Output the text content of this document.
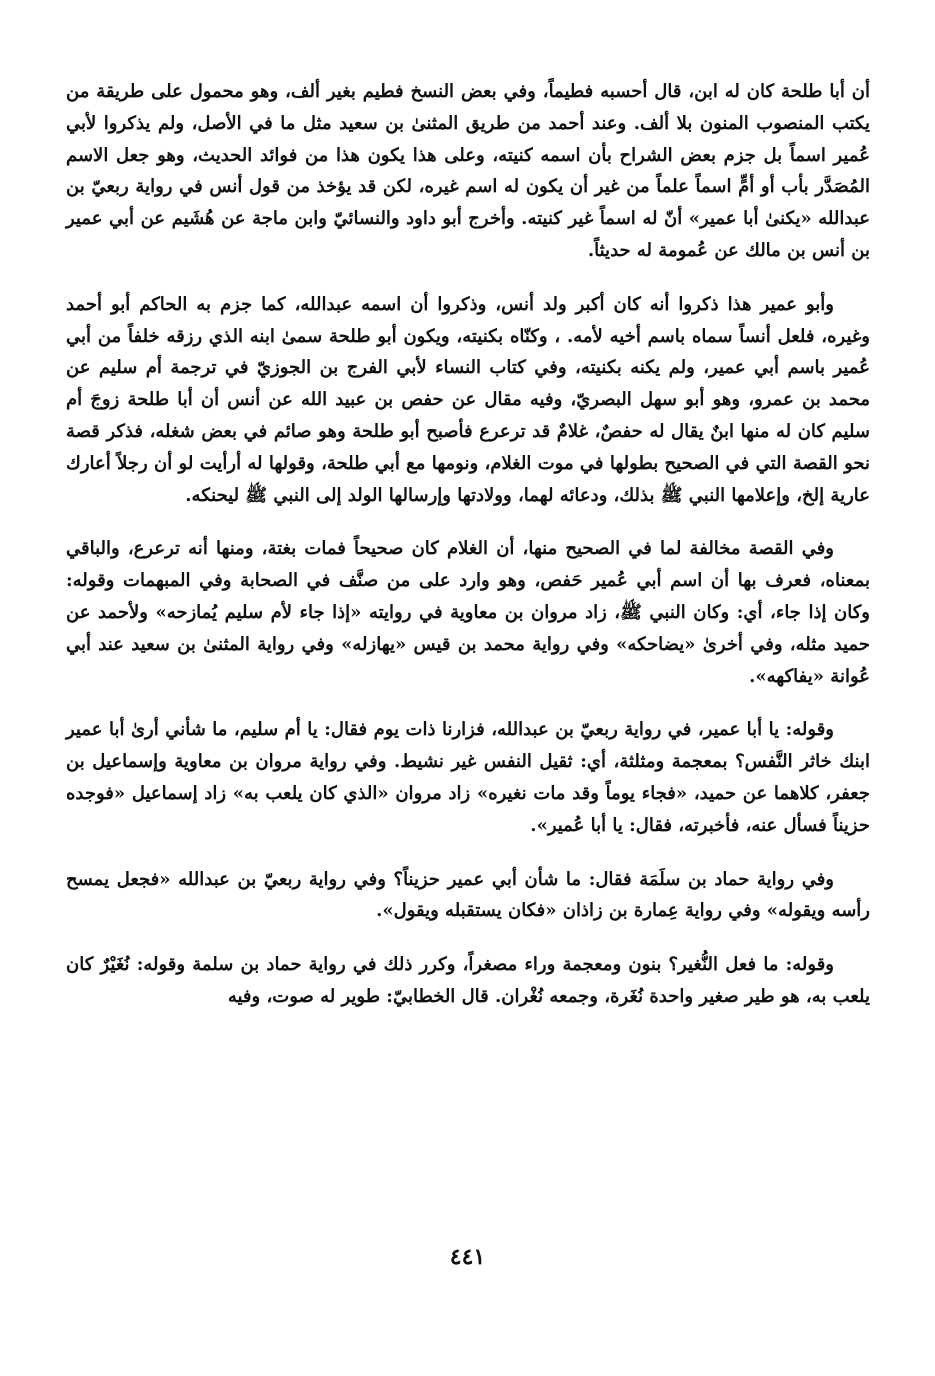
أن أبا طلحة كان له ابن، قال أحسبه فطيماً، وفي بعض النسخ فطيم بغير ألف، وهو محمول على طريقة من يكتب المنصوب المنون بلا ألف. وعند أحمد من طريق المثنىٰ بن سعيد مثل ما في الأصل، ولم يذكروا لأبي عُمير اسماً بل جزم بعض الشراح بأن اسمه كنيته، وعلى هذا يكون هذا من فوائد الحديث، وهو جعل الاسم المُصَدَّر بأب أو أمٍّ اسماً علماً من غير أن يكون له اسم غيره، لكن قد يؤخذ من قول أنس في رواية ربعيّ بن عبدالله «يكنىٰ أبا عمير» أنّ له اسماً غير كنيته. وأخرج أبو داود والنسائيّ وابن ماجة عن هُشَيم عن أبي عمير بن أنس بن مالك عن عُمومة له حديثاً.

وأبو عمير هذا ذكروا أنه كان أكبر ولد أنس، وذكروا أن اسمه عبدالله، كما جزم به الحاكم أبو أحمد وغيره، فلعل أنساً سماه باسم أخيه لأمه. ، وكنّاه بكنيته، ويكون أبو طلحة سمىٰ ابنه الذي رزقه خلفاً من أبي عُمير باسم أبي عمير، ولم يكنه بكنيته، وفي كتاب النساء لأبي الفرج بن الجوزيّ في ترجمة أم سليم عن محمد بن عمرو، وهو أبو سهل البصريّ، وفيه مقال عن حفص بن عبيد الله عن أنس أن أبا طلحة زوجَ أم سليم كان له منها ابنٌ يقال له حفصٌ، غلامٌ قد ترعرع فأصبح أبو طلحة وهو صائم في بعض شغله، فذكر قصة نحو القصة التي في الصحيح بطولها في موت الغلام، ونومها مع أبي طلحة، وقولها له أرأيت لو أن رجلاً أعارك عارية إلخ، وإعلامها النبي ﷺ بذلك، ودعائه لهما، وولادتها وإرسالها الولد إلى النبي ﷺ ليحنكه.

وفي القصة مخالفة لما في الصحيح منها، أن الغلام كان صحيحاً فمات بغتة، ومنها أنه ترعرع، والباقي بمعناه، فعرف بها أن اسم أبي عُمير حَفص، وهو وارد على من صنَّف في الصحابة وفي المبهمات وقوله: وكان إذا جاء، أي: وكان النبي ﷺ، زاد مروان بن معاوية في روايته «إذا جاء لأم سليم يُمازحه» ولأحمد عن حميد مثله، وفي أخرىٰ «يضاحكه» وفي رواية محمد بن قيس «يهازله» وفي رواية المثنىٰ بن سعيد عند أبي عُوانة «يفاكهه».

وقوله: يا أبا عمير، في رواية ربعيّ بن عبدالله، فزارنا ذات يوم فقال: يا أم سليم، ما شأني أرىٰ أبا عمير ابنك خاثر النَّفس؟ بمعجمة ومثلثة، أي: ثقيل النفس غير نشيط. وفي رواية مروان بن معاوية وإسماعيل بن جعفر، كلاهما عن حميد، «فجاء يوماً وقد مات نغيره» زاد مروان «الذي كان يلعب به» زاد إسماعيل «فوجده حزيناً فسأل عنه، فأخبرته، فقال: يا أبا عُمير».

وفي رواية حماد بن سلَمَة فقال: ما شأن أبي عمير حزيناً؟ وفي رواية ربعيّ بن عبدالله «فجعل يمسح رأسه ويقوله» وفي رواية عِمارة بن زاذان «فكان يستقبله ويقول».

وقوله: ما فعل النُّغير؟ بنون ومعجمة وراء مصغراً، وكرر ذلك في رواية حماد بن سلمة وقوله: نُغَيْرٌ كان يلعب به، هو طير صغير واحدة نُغَرة، وجمعه نُغْران. قال الخطابيّ: طوير له صوت، وفيه

٤٤١
